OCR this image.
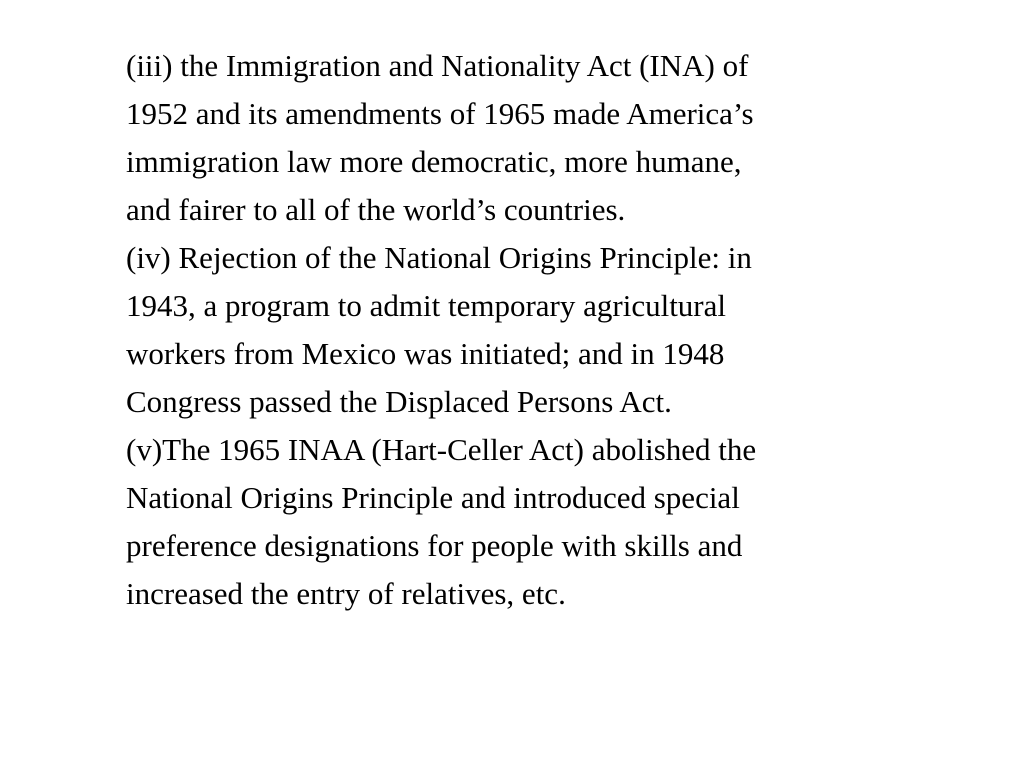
(iii) the Immigration and Nationality Act (INA) of
1952 and its amendments of 1965 made America’s
immigration law more democratic, more humane,
and fairer to all of the world’s countries.

(iv) Rejection of the National Origins Principle: in
1943, a program to admit temporary agricultural
workers from Mexico was initiated; and in 1948
Congress passed the Displaced Persons Act.

(v)The 1965 INAA (Hart-Celler Act) abolished the
National Origins Principle and introduced special
preference designations for people with skills and
increased the entry of relatives, etc.
